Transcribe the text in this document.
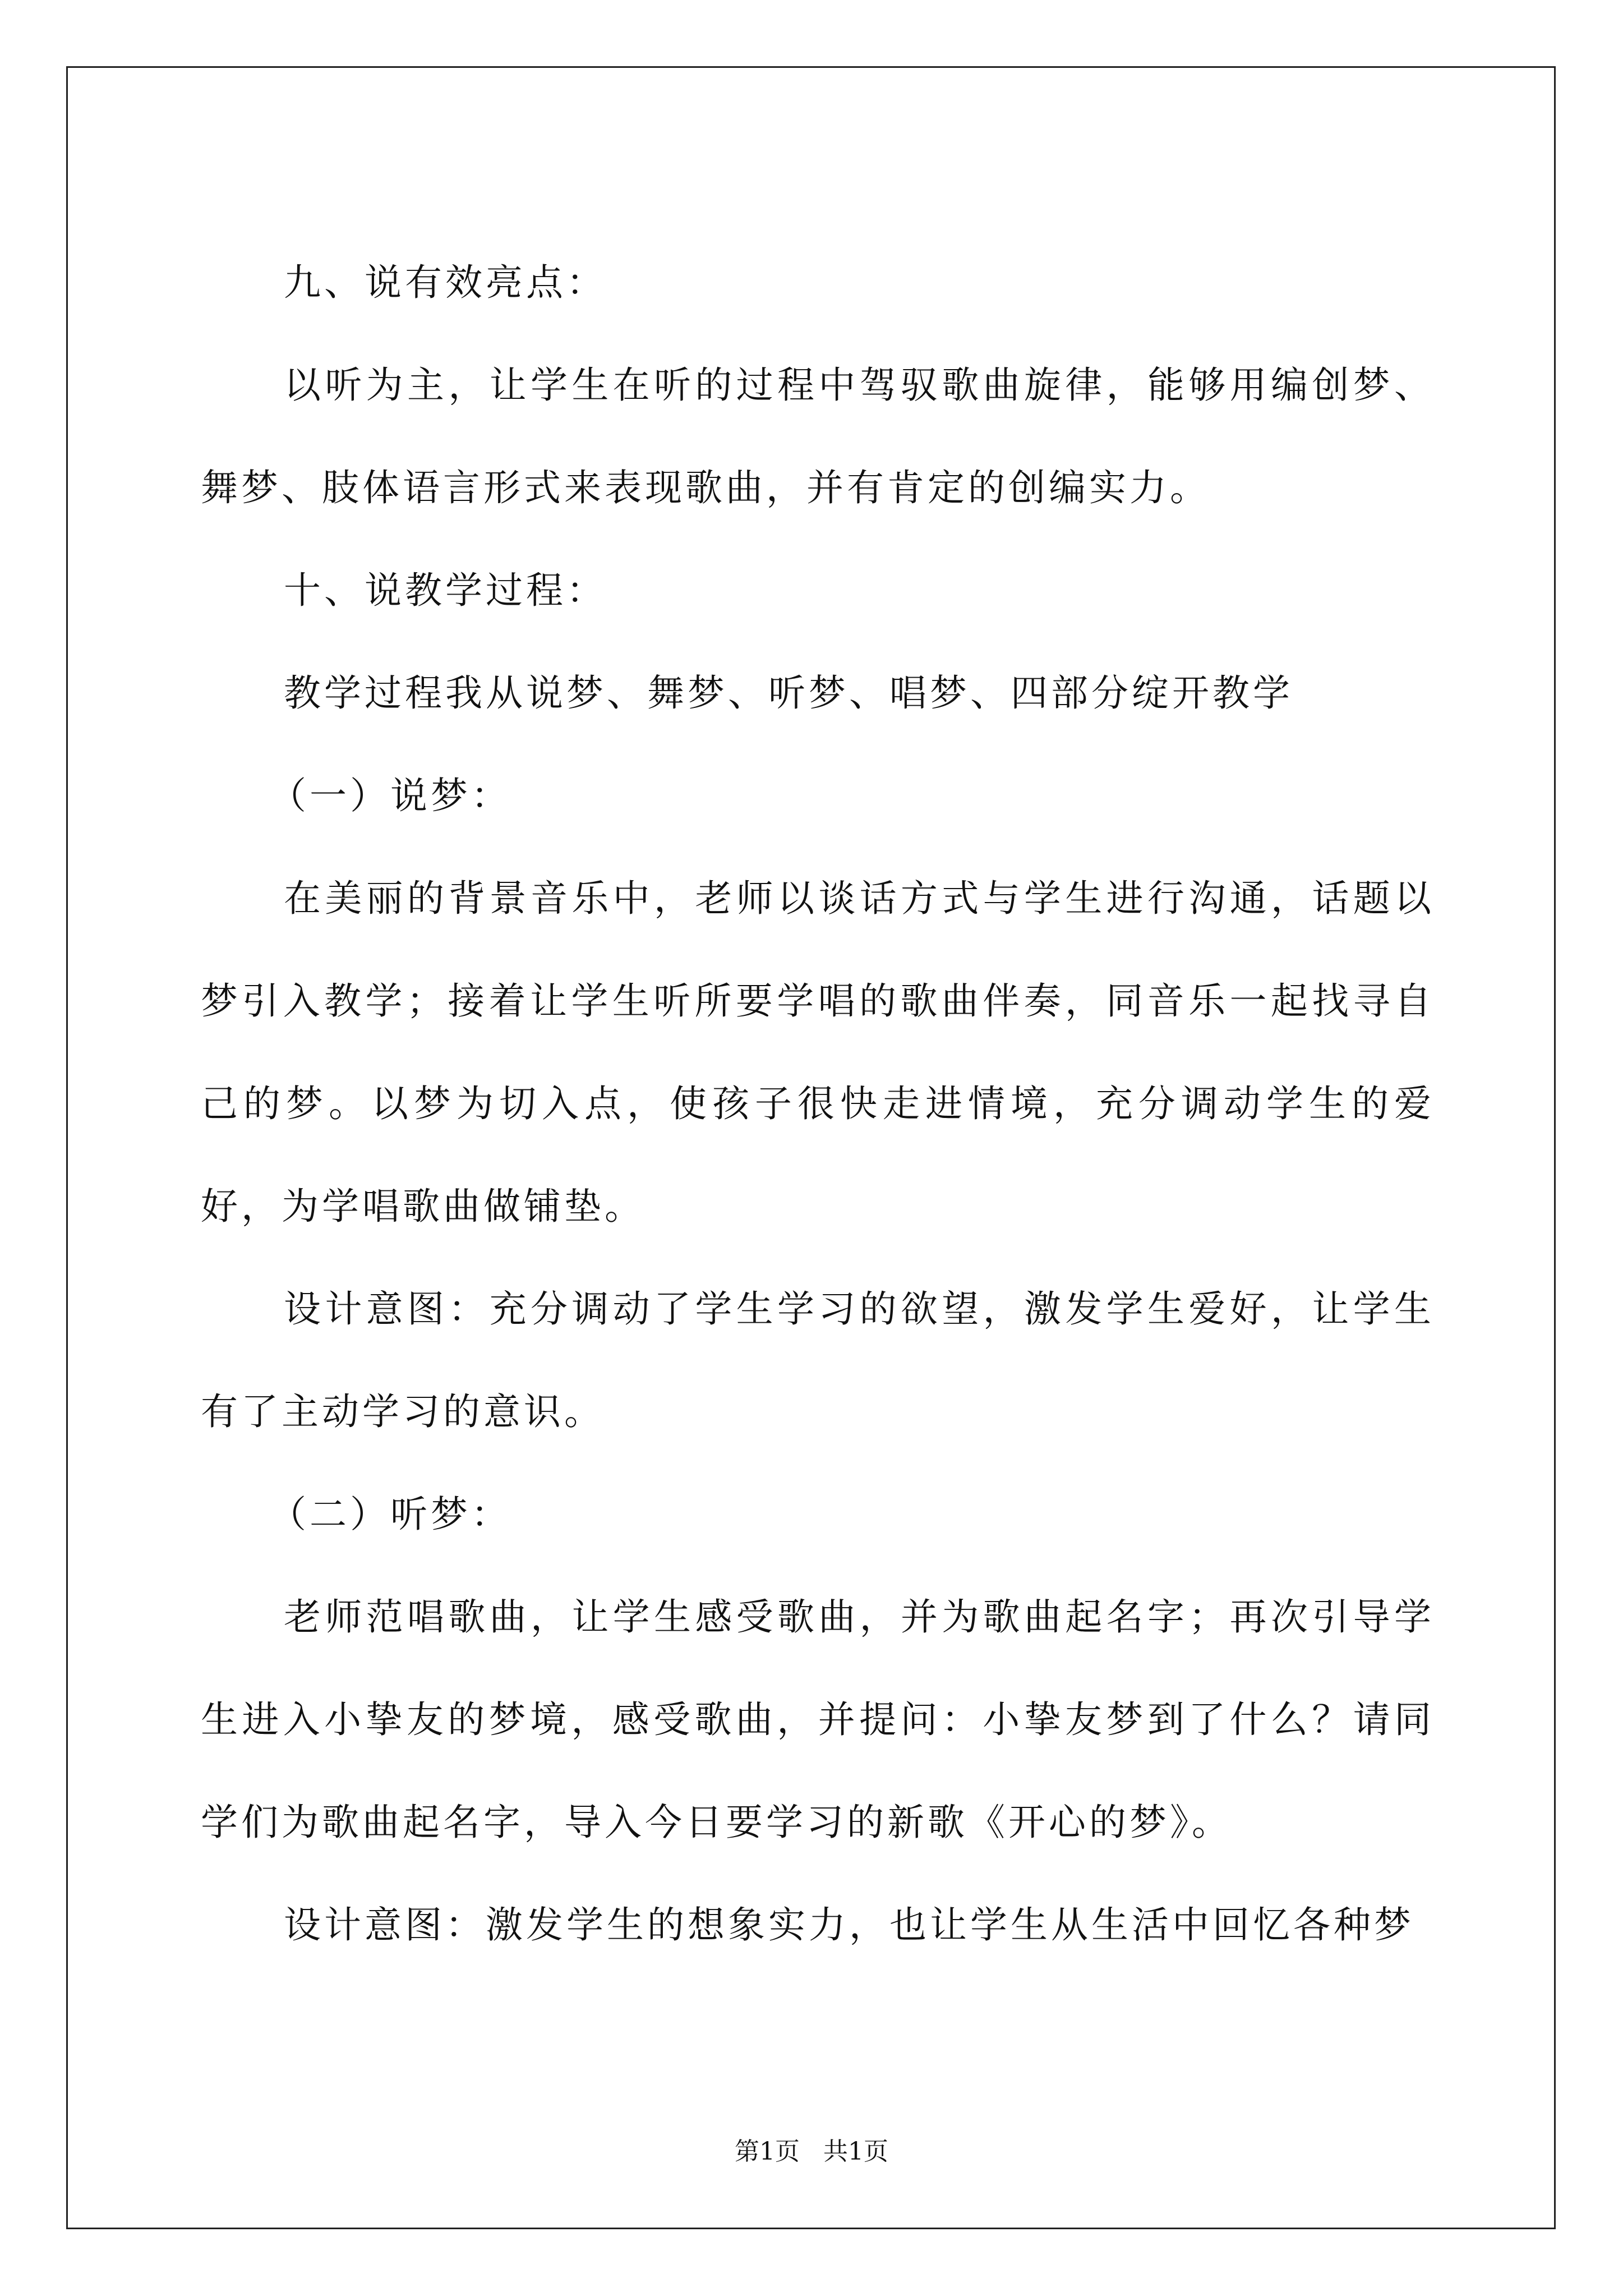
九、说有效亮点：

以听为主，让学生在听的过程中驾驭歌曲旋律，能够用编创梦、舞梦、肢体语言形式来表现歌曲，并有肯定的创编实力。

十、说教学过程：

教学过程我从说梦、舞梦、听梦、唱梦、四部分绽开教学

（一）说梦：

在美丽的背景音乐中，老师以谈话方式与学生进行沟通，话题以梦引入教学；接着让学生听所要学唱的歌曲伴奏，同音乐一起找寻自己的梦。以梦为切入点，使孩子很快走进情境，充分调动学生的爱好，为学唱歌曲做铺垫。

设计意图：充分调动了学生学习的欲望，激发学生爱好，让学生有了主动学习的意识。

（二）听梦：

老师范唱歌曲，让学生感受歌曲，并为歌曲起名字；再次引导学生进入小挚友的梦境，感受歌曲，并提问：小挚友梦到了什么？请同学们为歌曲起名字，导入今日要学习的新歌《开心的梦》。

设计意图：激发学生的想象实力，也让学生从生活中回忆各种梦

第1页 共1页
